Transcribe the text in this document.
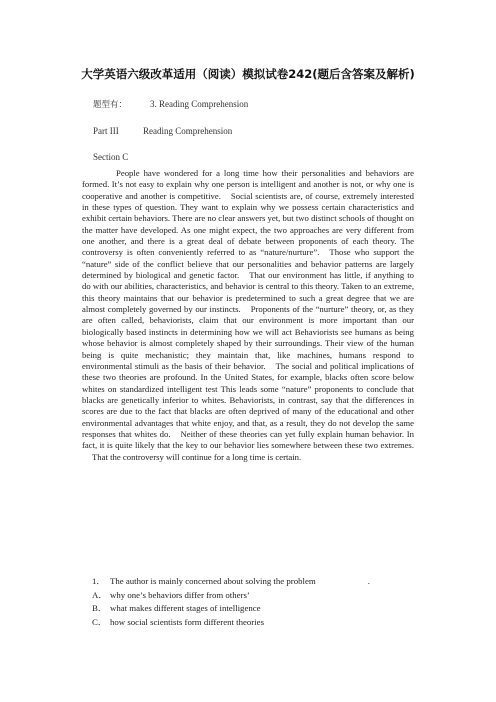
大学英语六级改革适用（阅读）模拟试卷242(题后含答案及解析)
题型有：	3. Reading Comprehension
Part III	Reading Comprehension
Section C

People have wondered for a long time how their personalities and behaviors are formed. It’s not easy to explain why one person is intelligent and another is not, or why one is cooperative and another is competitive. Social scientists are, of course, extremely interested in these types of question. They want to explain why we possess certain characteristics and exhibit certain behaviors. There are no clear answers yet, but two distinct schools of thought on the matter have developed. As one might expect, the two approaches are very different from one another, and there is a great deal of debate between proponents of each theory. The controversy is often conveniently referred to as “nature/nurture”. Those who support the “nature” side of the conflict believe that our personalities and behavior patterns are largely determined by biological and genetic factor. That our environment has little, if anything to do with our abilities, characteristics, and behavior is central to this theory. Taken to an extreme, this theory maintains that our behavior is predetermined to such a great degree that we are almost completely governed by our instincts. Proponents of the “nurture” theory, or, as they are often called, behaviorists, claim that our environment is more important than our biologically based instincts in determining how we will act Behaviorists see humans as being whose behavior is almost completely shaped by their surroundings. Their view of the human being is quite mechanistic; they maintain that, like machines, humans respond to environmental stimuli as the basis of their behavior. The social and political implications of these two theories are profound. In the United States, for example, blacks often score below whites on standardized intelligent test This leads some “nature” proponents to conclude that blacks are genetically inferior to whites. Behaviorists, in contrast, say that the differences in scores are due to the fact that blacks are often deprived of many of the educational and other environmental advantages that white enjoy, and that, as a result, they do not develop the same responses that whites do. Neither of these theories can yet fully explain human behavior. In fact, it is quite likely that the key to our behavior lies somewhere between these two extremes.That the controversy will continue for a long time is certain.

1． The author is mainly concerned about solving the problem	.
A． why one’s behaviors differ from others’
B． what makes different stages of intelligence
C． how social scientists form different theories
